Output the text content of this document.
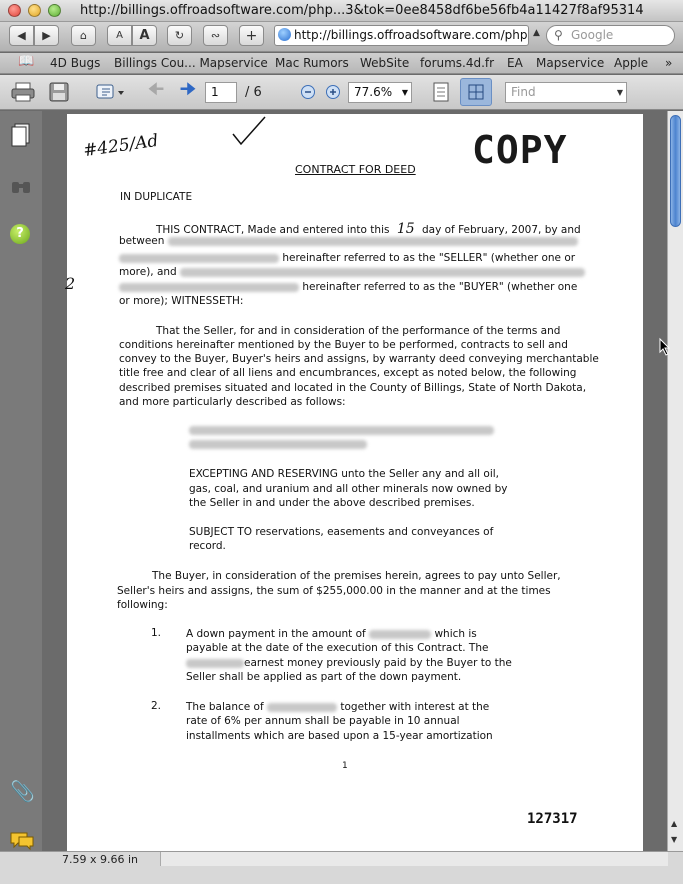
http://billings.offroadsoftware.com/php...3&tok=0ee8458df6be56fb4a11427f8af95314
◀ ▶	⌂	A A ↻ ∾ +	http://billings.offroadsoftware.com/php ▲ ⚲ Google
📖 4D Bugs Billings Cou... Mapservice Mac Rumors WebSite forums.4d.fr EA Mapservice Apple »
🠈 🠊	1	/ 6	77.6% ▼	Find	▼
?
📎
#425/Ad	COPY
CONTRACT FOR DEED
IN DUPLICATE
THIS CONTRACT, Made and entered into this 15 day of February, 2007, by and
between
hereinafter referred to as the "SELLER" (whether one or
more), and
hereinafter referred to as the "BUYER" (whether one
or more); WITNESSETH:
That the Seller, for and in consideration of the performance of the terms and
conditions hereinafter mentioned by the Buyer to be performed, contracts to sell and
convey to the Buyer, Buyer's heirs and assigns, by warranty deed conveying merchantable
title free and clear of all liens and encumbrances, except as noted below, the following
described premises situated and located in the County of Billings, State of North Dakota,
and more particularly described as follows:
EXCEPTING AND RESERVING unto the Seller any and all oil,
gas, coal, and uranium and all other minerals now owned by
the Seller in and under the above described premises.
SUBJECT TO reservations, easements and conveyances of
record.
The Buyer, in consideration of the premises herein, agrees to pay unto Seller,
Seller's heirs and assigns, the sum of $255,000.00 in the manner and at the times
following:
1. A down payment in the amount of	which is
payable at the date of the execution of this Contract. The
earnest money previously paid by the Buyer to the
Seller shall be applied as part of the down payment.
2. The balance of	together with interest at the
rate of 6% per annum shall be payable in 10 annual
installments which are based upon a 15-year amortization
1
127317
2
▲
▼
7.59 x 9.66 in
